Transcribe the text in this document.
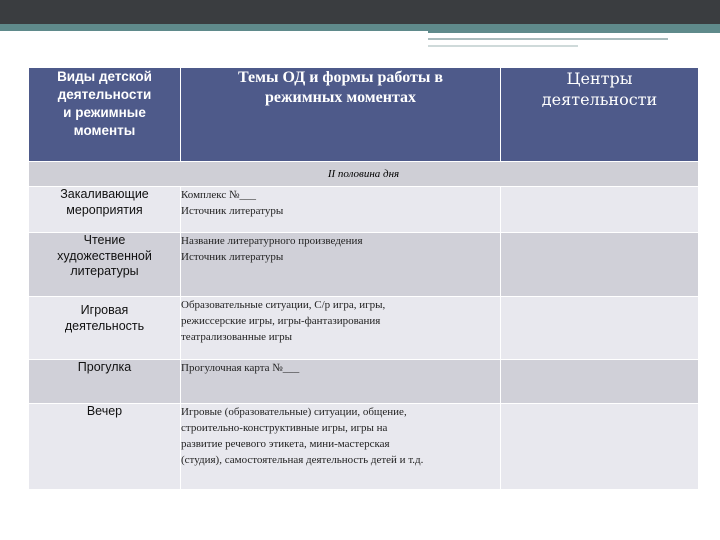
Виды детской
деятельности
и режимные
моменты	Темы ОД и формы работы в
режимных моментах	Центры
деятельности

II половина дня		

Закаливающие
мероприятия	Комплекс №___
Источник литературы	

Чтение
художественной
литературы	Название литературного произведения
Источник литературы	

Игровая
деятельность	Образовательные ситуации, С/р игра, игры,
режиссерские игры, игры-фантазирования
театрализованные игры	

Прогулка	Прогулочная карта №___	

Вечер	Игровые (образовательные) ситуации, общение,
строительно-конструктивные игры, игры на
развитие речевого этикета, мини-мастерская
(студия), самостоятельная деятельность детей и т.д.	
